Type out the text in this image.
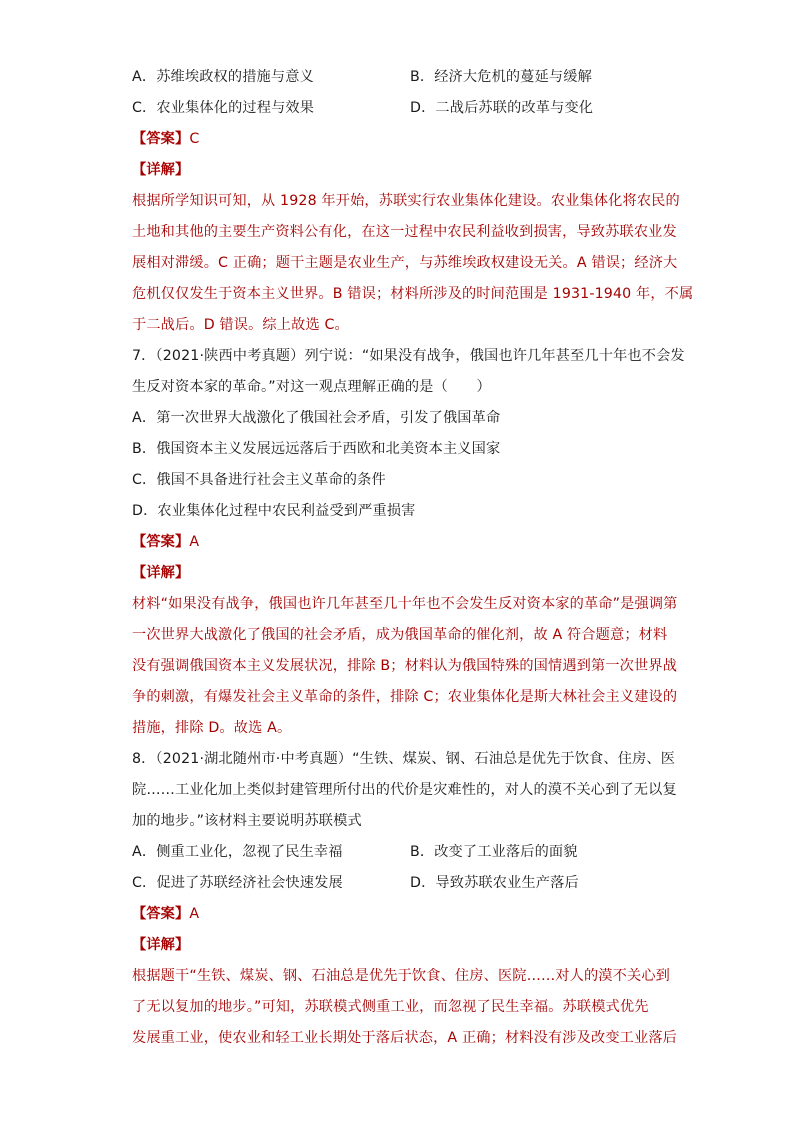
A．苏维埃政权的措施与意义	B．经济大危机的蔓延与缓解
C．农业集体化的过程与效果	D．二战后苏联的改革与变化
【答案】C
【详解】
根据所学知识可知，从 1928 年开始，苏联实行农业集体化建设。农业集体化将农民的
土地和其他的主要生产资料公有化，在这一过程中农民利益收到损害，导致苏联农业发
展相对滞缓。C 正确；题干主题是农业生产，与苏维埃政权建设无关。A 错误；经济大
危机仅仅发生于资本主义世界。B 错误；材料所涉及的时间范围是 1931-1940 年，不属
于二战后。D 错误。综上故选 C。
7．（2021·陕西中考真题）列宁说：“如果没有战争，俄国也许几年甚至几十年也不会发
生反对资本家的革命。”对这一观点理解正确的是（　　）
A．第一次世界大战激化了俄国社会矛盾，引发了俄国革命
B．俄国资本主义发展远远落后于西欧和北美资本主义国家
C．俄国不具备进行社会主义革命的条件
D．农业集体化过程中农民利益受到严重损害
【答案】A
【详解】
材料“如果没有战争，俄国也许几年甚至几十年也不会发生反对资本家的革命”是强调第
一次世界大战激化了俄国的社会矛盾，成为俄国革命的催化剂，故 A 符合题意；材料
没有强调俄国资本主义发展状况，排除 B；材料认为俄国特殊的国情遇到第一次世界战
争的刺激，有爆发社会主义革命的条件，排除 C；农业集体化是斯大林社会主义建设的
措施，排除 D。故选 A。
8．（2021·湖北随州市·中考真题）“生铁、煤炭、钢、石油总是优先于饮食、住房、医
院……工业化加上类似封建管理所付出的代价是灾难性的，对人的漠不关心到了无以复
加的地步。”该材料主要说明苏联模式
A．侧重工业化，忽视了民生幸福	B．改变了工业落后的面貌
C．促进了苏联经济社会快速发展	D．导致苏联农业生产落后
【答案】A
【详解】
根据题干“生铁、煤炭、钢、石油总是优先于饮食、住房、医院……对人的漠不关心到
了无以复加的地步。”可知，苏联模式侧重工业，而忽视了民生幸福。苏联模式优先
发展重工业，使农业和轻工业长期处于落后状态，A 正确；材料没有涉及改变工业落后
